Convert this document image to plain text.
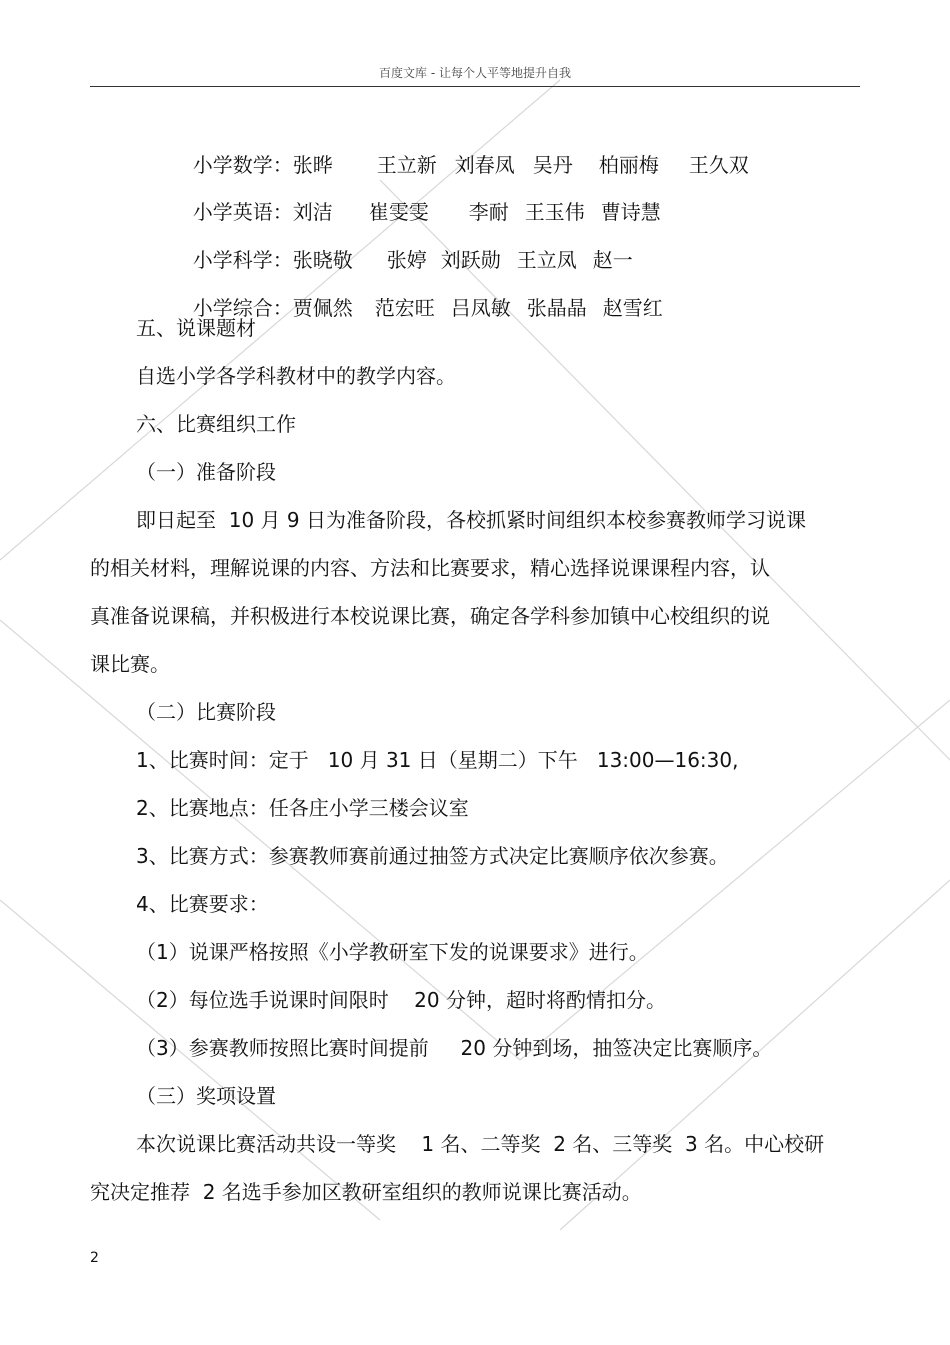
百度文库 - 让每个人平等地提升自我

小学数学：张晔 王立新 刘春凤 吴丹 柏丽梅 王久双

小学英语：刘洁 崔雯雯 李耐 王玉伟 曹诗慧

小学科学：张晓敬 张婷 刘跃勋 王立凤 赵一

小学综合：贾佩然 范宏旺 吕凤敏 张晶晶 赵雪红

五、说课题材
自选小学各学科教材中的教学内容。
六、比赛组织工作
（一）准备阶段
即日起至  10 月 9 日为准备阶段，各校抓紧时间组织本校参赛教师学习说课
的相关材料，理解说课的内容、方法和比赛要求，精心选择说课课程内容，认
真准备说课稿，并积极进行本校说课比赛，确定各学科参加镇中心校组织的说
课比赛。
（二）比赛阶段
1、比赛时间：定于   10 月 31 日（星期二）下午   13:00—16:30,
2、比赛地点：任各庄小学三楼会议室
3、比赛方式：参赛教师赛前通过抽签方式决定比赛顺序依次参赛。
4、比赛要求：
（1）说课严格按照《小学教研室下发的说课要求》进行。
（2）每位选手说课时间限时    20 分钟，超时将酌情扣分。
（3）参赛教师按照比赛时间提前     20 分钟到场，抽签决定比赛顺序。
（三）奖项设置
本次说课比赛活动共设一等奖    1 名、二等奖  2 名、三等奖  3 名。中心校研
究决定推荐  2 名选手参加区教研室组织的教师说课比赛活动。
2
